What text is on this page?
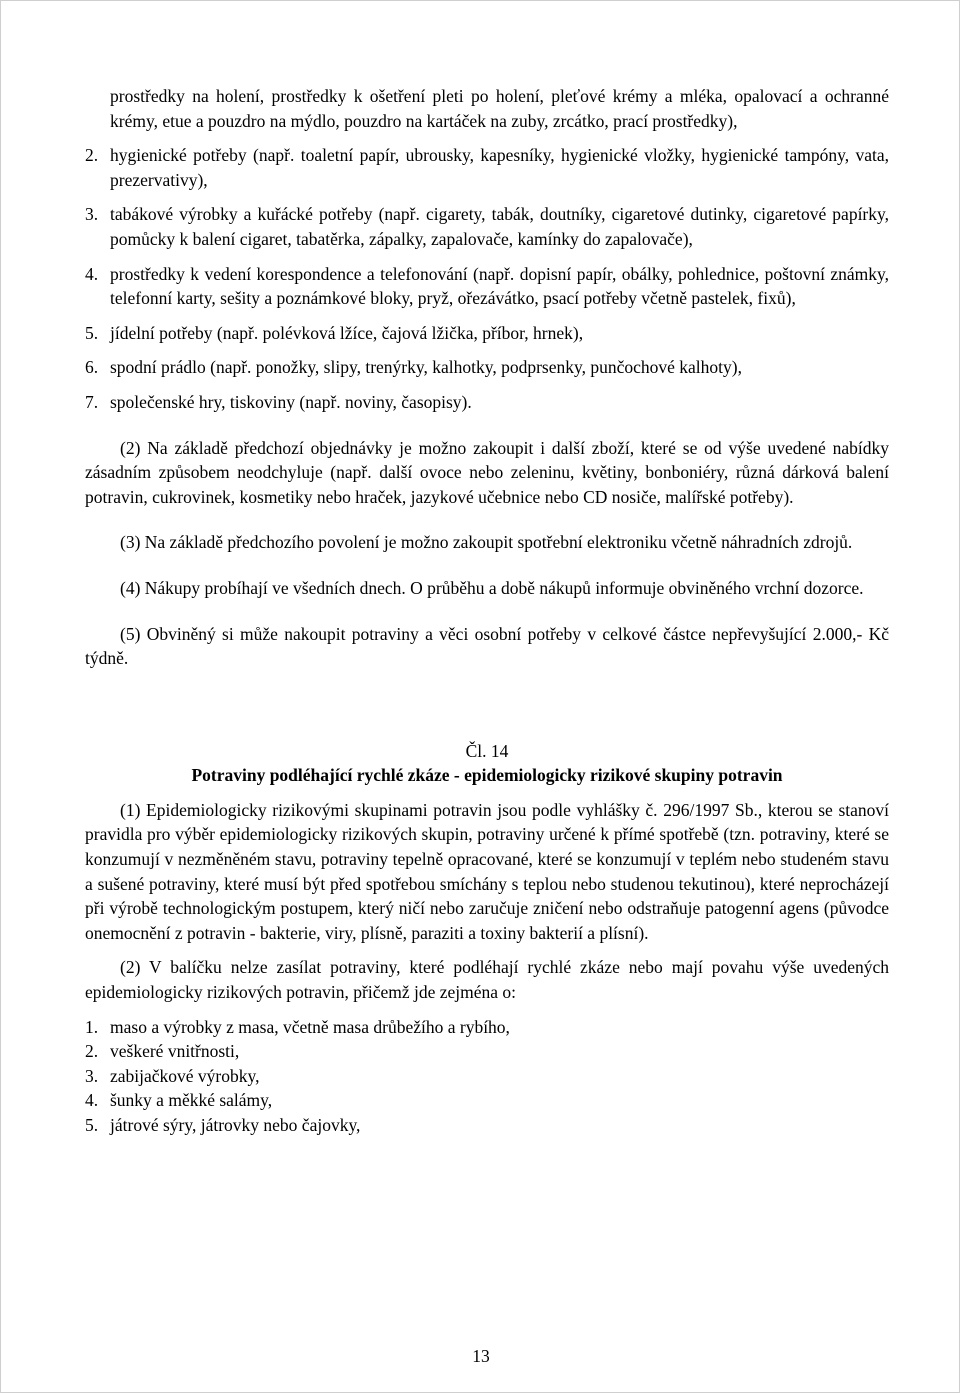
prostředky na holení, prostředky k ošetření pleti po holení, pleťové krémy a mléka, opalovací a ochranné krémy, etue a pouzdro na mýdlo, pouzdro na kartáček na zuby, zrcátko, prací prostředky),

2. hygienické potřeby (např. toaletní papír, ubrousky, kapesníky, hygienické vložky, hygienické tampóny, vata, prezervativy),
3. tabákové výrobky a kuřácké potřeby (např. cigarety, tabák, doutníky, cigaretové dutinky, cigaretové papírky, pomůcky k balení cigaret, tabatěrka, zápalky, zapalovače, kamínky do zapalovače),
4. prostředky k vedení korespondence a telefonování (např. dopisní papír, obálky, pohlednice, poštovní známky, telefonní karty, sešity a poznámkové bloky, pryž, ořezávátko, psací potřeby včetně pastelek, fixů),
5. jídelní potřeby (např. polévková lžíce, čajová lžička, příbor, hrnek),
6. spodní prádlo (např. ponožky, slipy, trenýrky, kalhotky, podprsenky, punčochové kalhoty),
7. společenské hry, tiskoviny (např. noviny, časopisy).

(2) Na základě předchozí objednávky je možno zakoupit i další zboží, které se od výše uvedené nabídky zásadním způsobem neodchyluje (např. další ovoce nebo zeleninu, květiny, bonboniéry, různá dárková balení potravin, cukrovinek, kosmetiky nebo hraček, jazykové učebnice nebo CD nosiče, malířské potřeby).

(3) Na základě předchozího povolení je možno zakoupit spotřební elektroniku včetně náhradních zdrojů.

(4) Nákupy probíhají ve všedních dnech. O průběhu a době nákupů informuje obviněného vrchní dozorce.

(5) Obviněný si může nakoupit potraviny a věci osobní potřeby v celkové částce nepřevyšující 2.000,- Kč týdně.

Čl. 14

Potraviny podléhající rychlé zkáze - epidemiologicky rizikové skupiny potravin

(1) Epidemiologicky rizikovými skupinami potravin jsou podle vyhlášky č. 296/1997 Sb., kterou se stanoví pravidla pro výběr epidemiologicky rizikových skupin, potraviny určené k přímé spotřebě (tzn. potraviny, které se konzumují v nezměněném stavu, potraviny tepelně opracované, které se konzumují v teplém nebo studeném stavu a sušené potraviny, které musí být před spotřebou smíchány s teplou nebo studenou tekutinou), které neprocházejí při výrobě technologickým postupem, který ničí nebo zaručuje zničení nebo odstraňuje patogenní agens (původce onemocnění z potravin - bakterie, viry, plísně, paraziti a toxiny bakterií a plísní).

(2) V balíčku nelze zasílat potraviny, které podléhají rychlé zkáze nebo mají povahu výše uvedených epidemiologicky rizikových potravin, přičemž jde zejména o:

1. maso a výrobky z masa, včetně masa drůbežího a rybího,
2. veškeré vnitřnosti,
3. zabijačkové výrobky,
4. šunky a měkké salámy,
5. játrové sýry, játrovky nebo čajovky,
13
